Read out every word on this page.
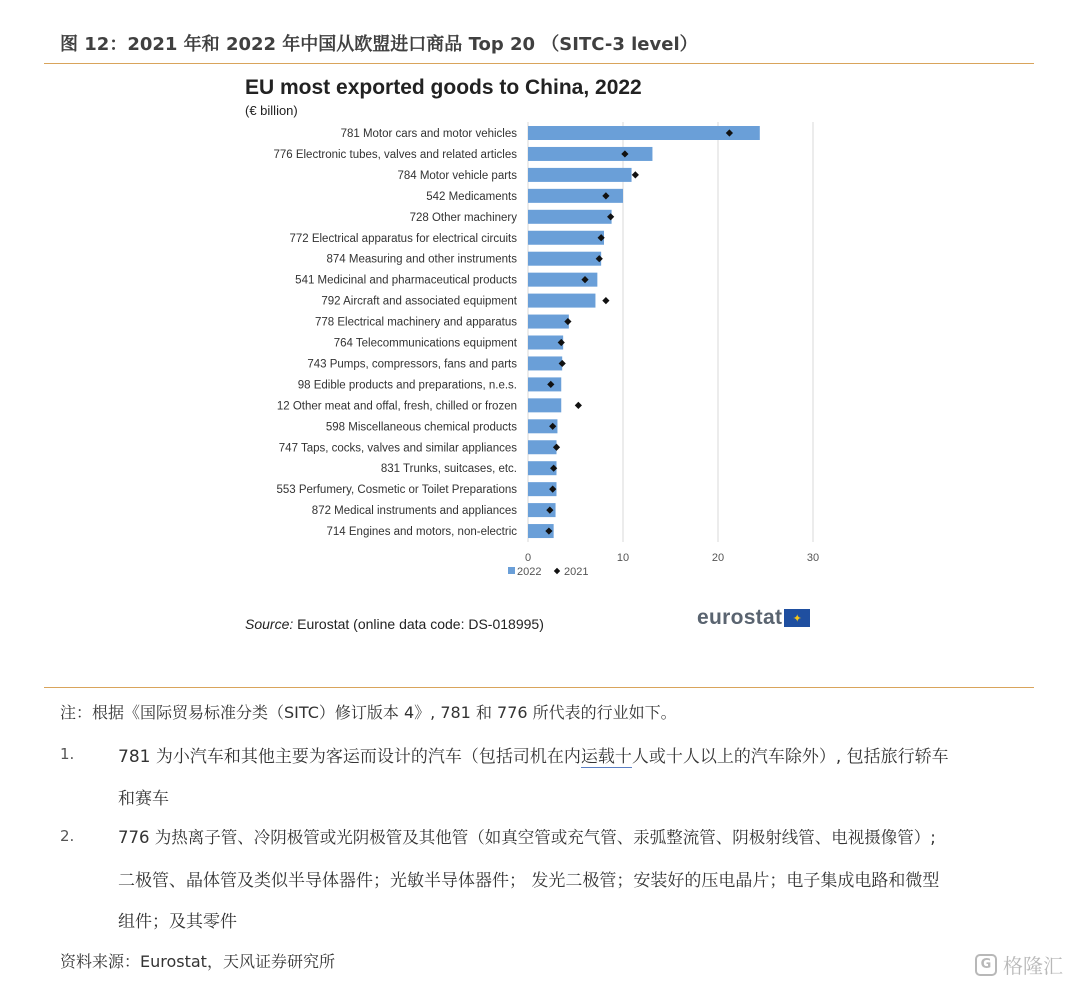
图 12：2021 年和 2022 年中国从欧盟进口商品 Top 20 （SITC-3 level）
781 Motor cars and motor vehicles
776 Electronic tubes, valves and related articles
784 Motor vehicle parts
542 Medicaments
728 Other machinery
772 Electrical apparatus for electrical circuits
874 Measuring and other instruments
541 Medicinal and pharmaceutical products
792 Aircraft and associated equipment
778 Electrical machinery and apparatus
764 Telecommunications equipment
743 Pumps, compressors, fans and parts
98 Edible products and preparations, n.e.s.
12 Other meat and offal, fresh, chilled or frozen
598 Miscellaneous chemical products
747 Taps, cocks, valves and similar appliances
831 Trunks, suitcases, etc.
553 Perfumery, Cosmetic or Toilet Preparations
872 Medical instruments and appliances
714 Engines and motors, non-electric
0	10	20	30
2022 2021
EU most exported goods to China, 2022
(€ billion)
Source: Eurostat (online data code: DS-018995)	eurostat ✦
注：根据《国际贸易标准分类（SITC）修订版本 4》, 781 和 776 所代表的行业如下。
1.	781 为小汽车和其他主要为客运而设计的汽车（包括司机在内运载十人或十人以上的汽车除外）, 包括旅行轿车
和赛车
2.	776 为热离子管、冷阴极管或光阴极管及其他管（如真空管或充气管、汞弧整流管、阴极射线管、电视摄像管）;
二极管、晶体管及类似半导体器件；光敏半导体器件； 发光二极管；安装好的压电晶片；电子集成电路和微型
组件；及其零件
资料来源：Eurostat，天风证券研究所	G 格隆汇
